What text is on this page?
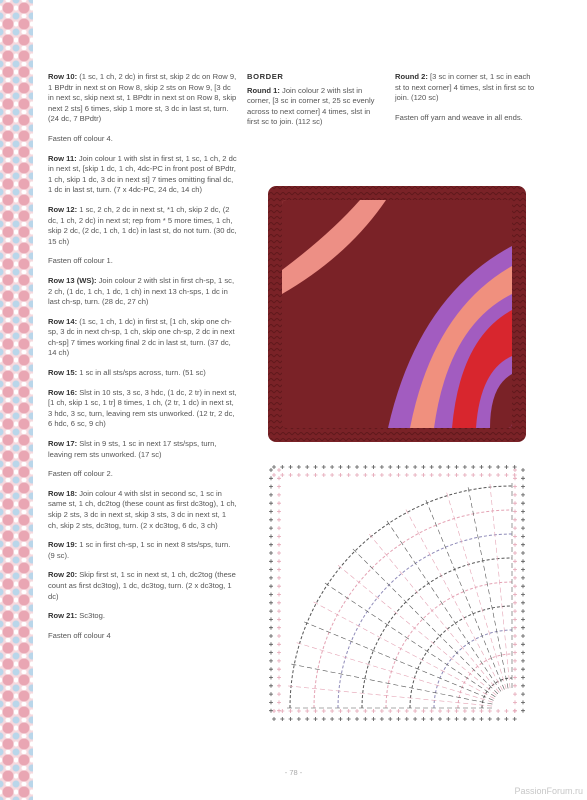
Row 10: (1 sc, 1 ch, 2 dc) in first st, skip 2 dc on Row 9, 1 BPdtr in next st on Row 8, skip 2 sts on Row 9, [3 dc in next sc, skip next st, 1 BPdtr in next st on Row 8, skip next 2 sts] 6 times, skip 1 more st, 3 dc in last st, turn. (24 dc, 7 BPdtr)

Fasten off colour 4.

Row 11: Join colour 1 with slst in first st, 1 sc, 1 ch, 2 dc in next st, [skip 1 dc, 1 ch, 4dc-PC in front post of BPdtr, 1 ch, skip 1 dc, 3 dc in next st] 7 times omitting final dc, 1 dc in last st, turn. (7 x 4dc-PC, 24 dc, 14 ch)

Row 12: 1 sc, 2 ch, 2 dc in next st, *1 ch, skip 2 dc, (2 dc, 1 ch, 2 dc) in next st; rep from * 5 more times, 1 ch, skip 2 dc, (2 dc, 1 ch, 1 dc) in last st, do not turn. (30 dc, 15 ch)

Fasten off colour 1.

Row 13 (WS): Join colour 2 with slst in first ch-sp, 1 sc, 2 ch, (1 dc, 1 ch, 1 dc, 1 ch) in next 13 ch-sps, 1 dc in last ch-sp, turn. (28 dc, 27 ch)

Row 14: (1 sc, 1 ch, 1 dc) in first st, [1 ch, skip one ch-sp, 3 dc in next ch-sp, 1 ch, skip one ch-sp, 2 dc in next ch-sp] 7 times working final 2 dc in last st, turn. (37 dc, 14 ch)

Row 15: 1 sc in all sts/sps across, turn. (51 sc)

Row 16: Slst in 10 sts, 3 sc, 3 hdc, (1 dc, 2 tr) in next st, [1 ch, skip 1 sc, 1 tr] 8 times, 1 ch, (2 tr, 1 dc) in next st, 3 hdc, 3 sc, turn, leaving rem sts unworked. (12 tr, 2 dc, 6 hdc, 6 sc, 9 ch)

Row 17: Slst in 9 sts, 1 sc in next 17 sts/sps, turn, leaving rem sts unworked. (17 sc)

Fasten off colour 2.

Row 18: Join colour 4 with slst in second sc, 1 sc in same st, 1 ch, dc2tog (these count as first dc3tog), 1 ch, skip 2 sts, 3 dc in next st, skip 3 sts, 3 dc in next st, 1 ch, skip 2 sts, dc3tog, turn. (2 x dc3tog, 6 dc, 3 ch)

Row 19: 1 sc in first ch-sp, 1 sc in next 8 sts/sps, turn. (9 sc).

Row 20: Skip first st, 1 sc in next st, 1 ch, dc2tog (these count as first dc3tog), 1 dc, dc3tog, turn. (2 x dc3tog, 1 dc)

Row 21: Sc3tog.

Fasten off colour 4

BORDER

Round 1: Join colour 2 with slst in corner, [3 sc in corner st, 25 sc evenly across to next corner] 4 times, slst in first sc to join. (112 sc)

Round 2: [3 sc in corner st, 1 sc in each st to next corner] 4 times, slst in first sc to join. (120 sc)

Fasten off yarn and weave in all ends.

- 78 -
PassionForum.ru
